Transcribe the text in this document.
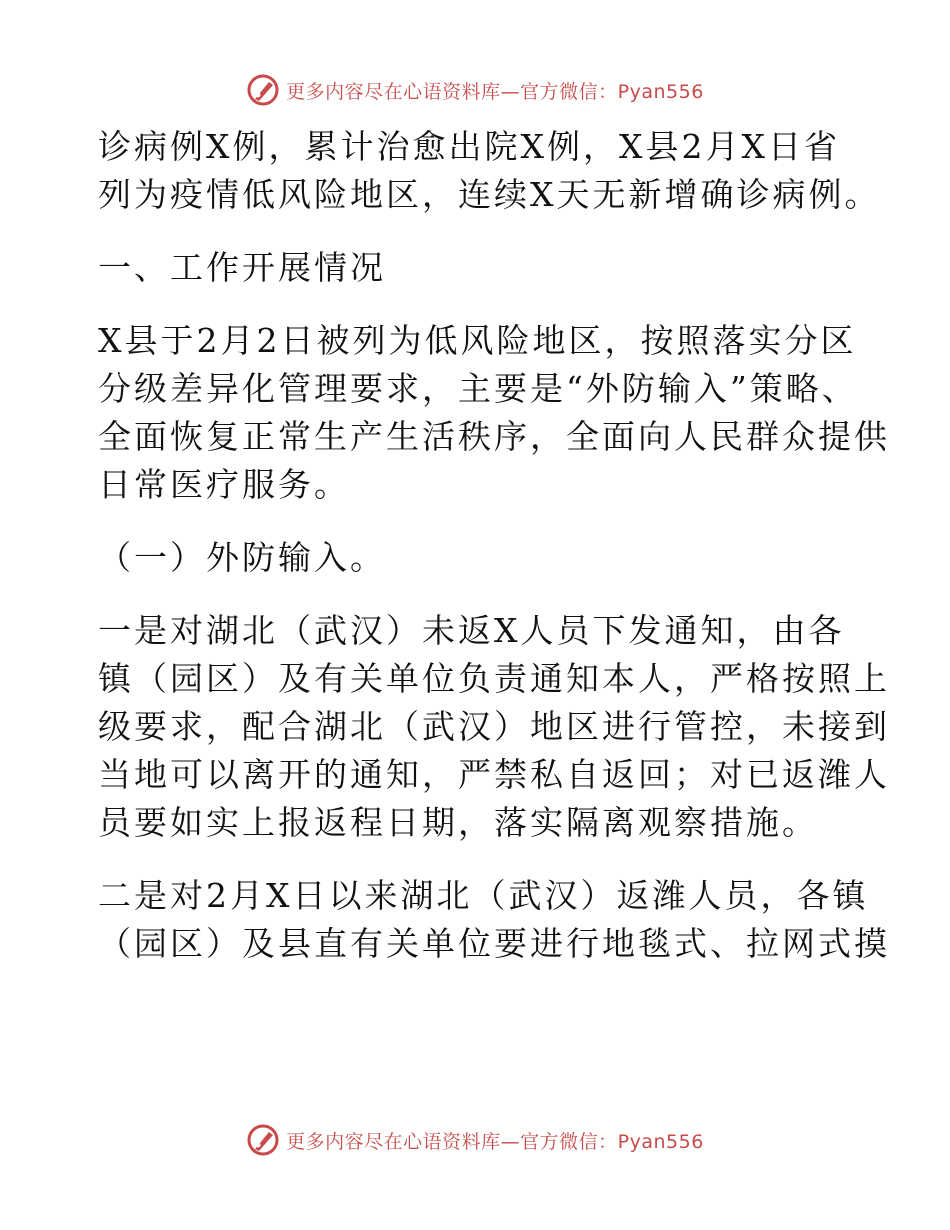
更多内容尽在心语资料库—官方微信：Pyan556

诊病例X例，累计治愈出院X例，X县2月X日省
列为疫情低风险地区，连续X天无新增确诊病例。

一、工作开展情况

X县于2月2日被列为低风险地区，按照落实分区
分级差异化管理要求，主要是“外防输入”策略、
全面恢复正常生产生活秩序，全面向人民群众提供
日常医疗服务。

（一）外防输入。

一是对湖北（武汉）未返X人员下发通知，由各
镇（园区）及有关单位负责通知本人，严格按照上
级要求，配合湖北（武汉）地区进行管控，未接到
当地可以离开的通知，严禁私自返回；对已返潍人
员要如实上报返程日期，落实隔离观察措施。

二是对2月X日以来湖北（武汉）返潍人员，各镇
（园区）及县直有关单位要进行地毯式、拉网式摸

更多内容尽在心语资料库—官方微信：Pyan556
